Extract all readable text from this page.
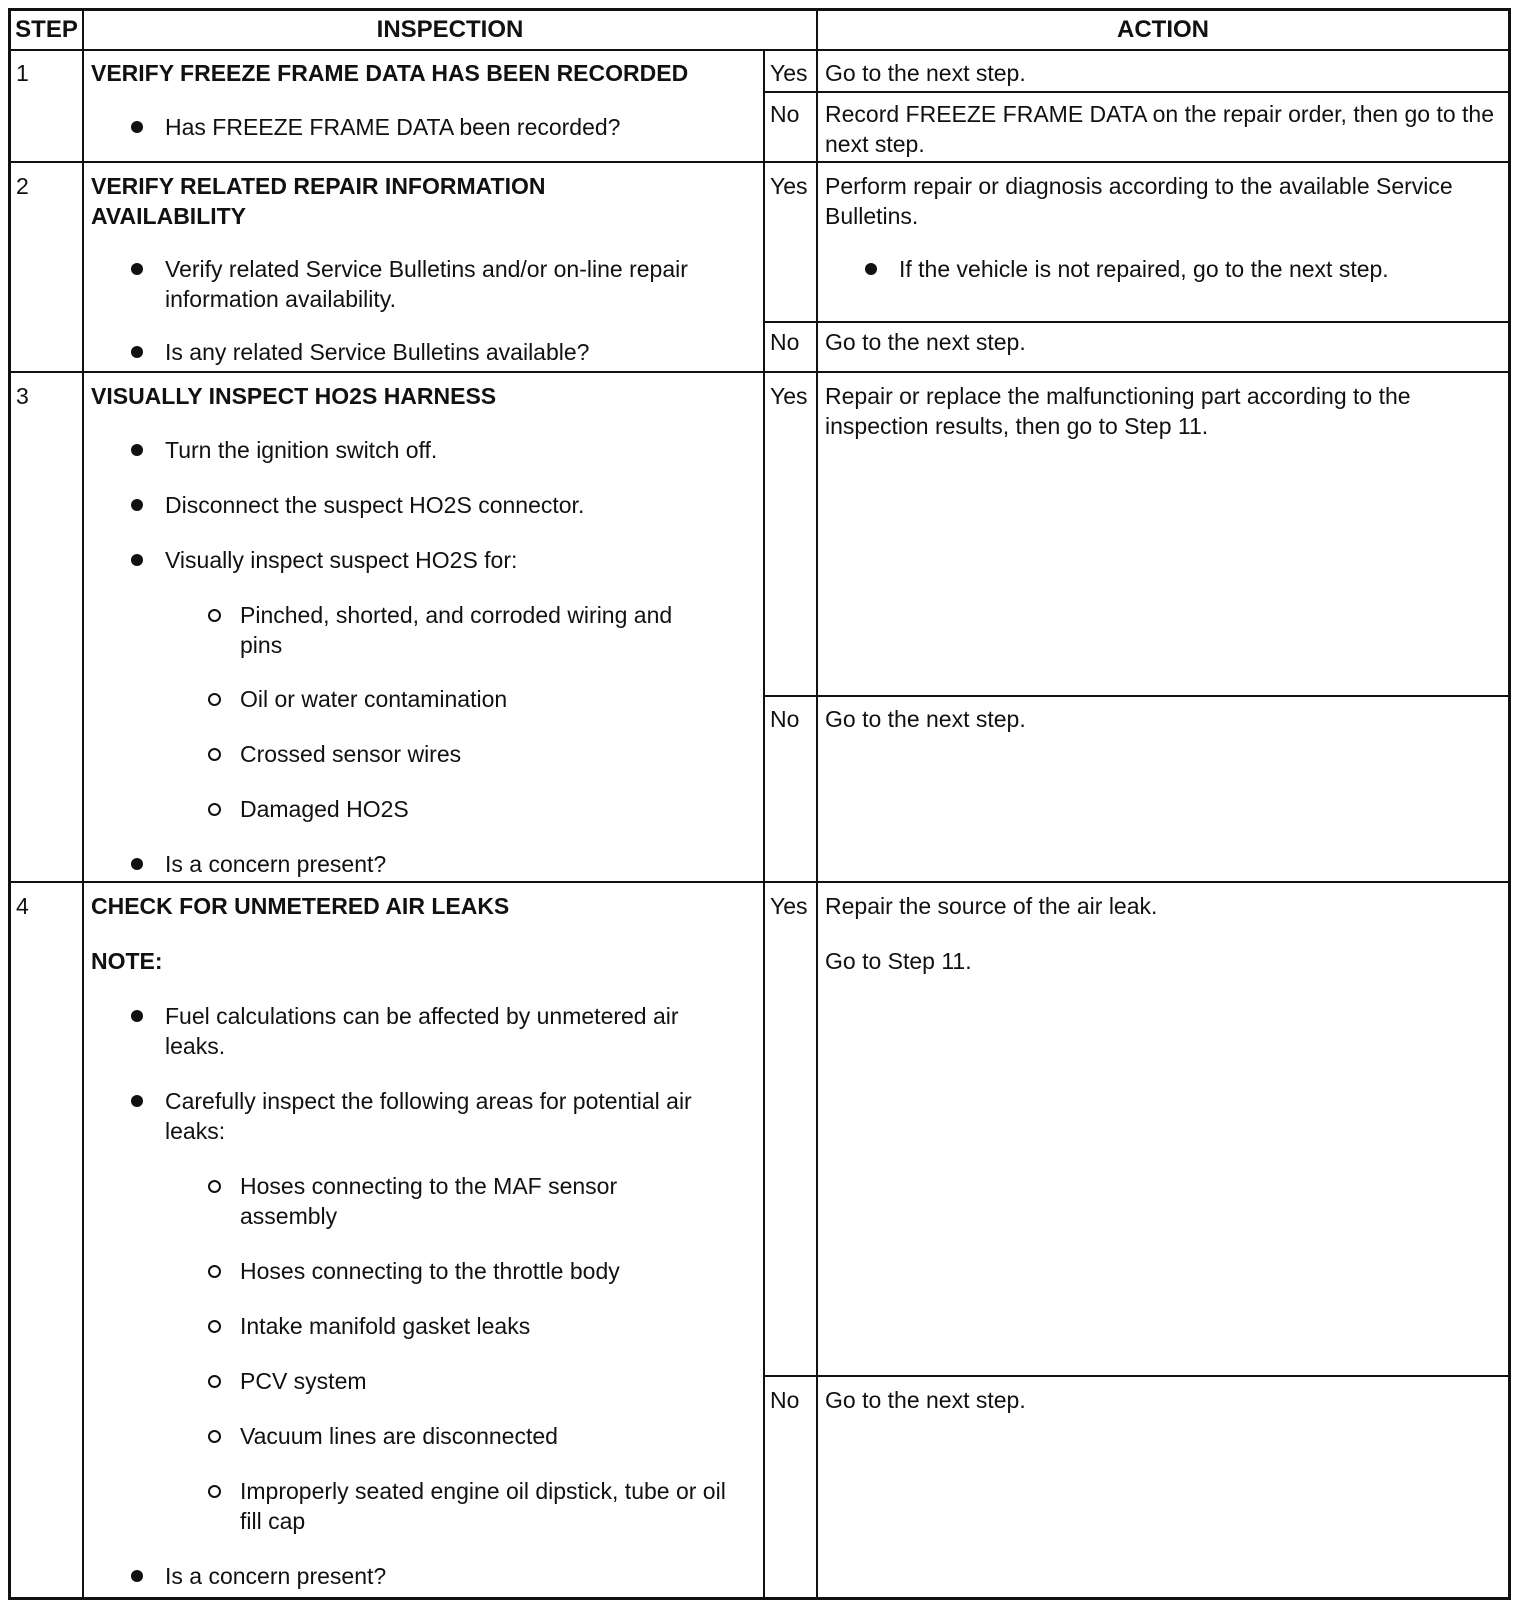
STEP	INSPECTION	ACTION
1	VERIFY FREEZE FRAME DATA HAS BEEN RECORDED
Has FREEZE FRAME DATA been recorded?
Yes Go to the next step.
No Record FREEZE FRAME DATA on the repair order, then go to the next step.
2	VERIFY RELATED REPAIR INFORMATION AVAILABILITY
Verify related Service Bulletins and/or on-line repair information availability.
Is any related Service Bulletins available?
Yes Perform repair or diagnosis according to the available Service Bulletins.
If the vehicle is not repaired, go to the next step.
No Go to the next step.
3	VISUALLY INSPECT HO2S HARNESS
Turn the ignition switch off.
Disconnect the suspect HO2S connector.
Visually inspect suspect HO2S for:
Pinched, shorted, and corroded wiring and pins
Oil or water contamination
Crossed sensor wires
Damaged HO2S
Is a concern present?
Yes Repair or replace the malfunctioning part according to the inspection results, then go to Step 11.
No Go to the next step.
4	CHECK FOR UNMETERED AIR LEAKS
NOTE:
Fuel calculations can be affected by unmetered air leaks.
Carefully inspect the following areas for potential air leaks:
Hoses connecting to the MAF sensor assembly
Hoses connecting to the throttle body
Intake manifold gasket leaks
PCV system
Vacuum lines are disconnected
Improperly seated engine oil dipstick, tube or oil fill cap
Is a concern present?
Yes Repair the source of the air leak.
Go to Step 11.
No Go to the next step.
